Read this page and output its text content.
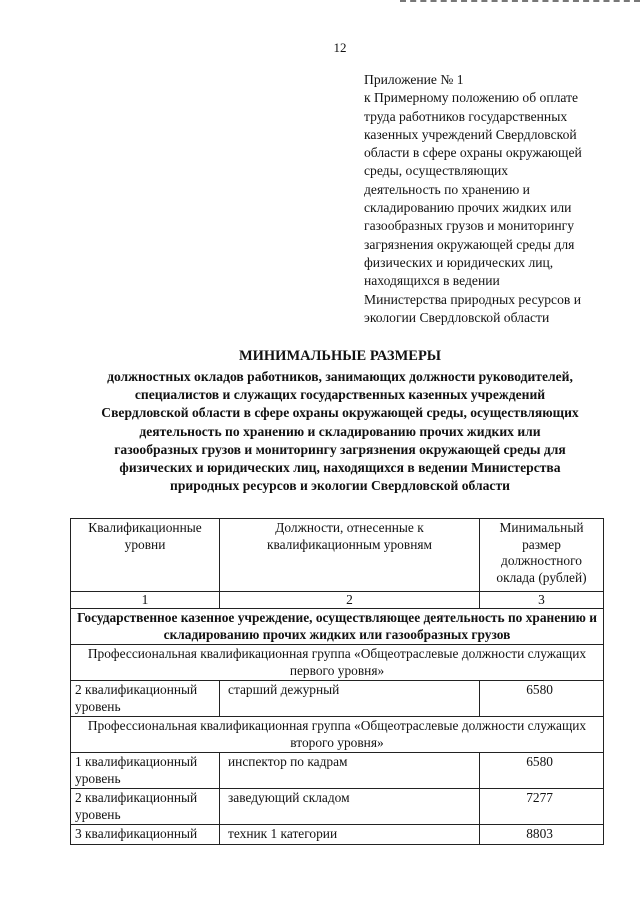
12
Приложение № 1
к Примерному положению об оплате
труда работников государственных
казенных учреждений Свердловской
области в сфере охраны окружающей
среды, осуществляющих
деятельность по хранению и
складированию прочих жидких или
газообразных грузов и мониторингу
загрязнения окружающей среды для
физических и юридических лиц,
находящихся в ведении
Министерства природных ресурсов и
экологии Свердловской области
МИНИМАЛЬНЫЕ РАЗМЕРЫ
должностных окладов работников, занимающих должности руководителей,
специалистов и служащих государственных казенных учреждений
Свердловской области в сфере охраны окружающей среды, осуществляющих
деятельность по хранению и складированию прочих жидких или
газообразных грузов и мониторингу загрязнения окружающей среды для
физических и юридических лиц, находящихся в ведении Министерства
природных ресурсов и экологии Свердловской области
Квалификационные уровни	Должности, отнесенные к квалификационным уровням	Минимальный размер должностного оклада (рублей)
1	2	3
Государственное казенное учреждение, осуществляющее деятельность по хранению и складированию прочих жидких или газообразных грузов		
Профессиональная квалификационная группа «Общеотраслевые должности служащих первого уровня»		
2 квалификационный уровень	старший дежурный	6580
Профессиональная квалификационная группа «Общеотраслевые должности служащих второго уровня»		
1 квалификационный уровень	инспектор по кадрам	6580
2 квалификационный уровень	заведующий складом	7277
3 квалификационный	техник 1 категории	8803
